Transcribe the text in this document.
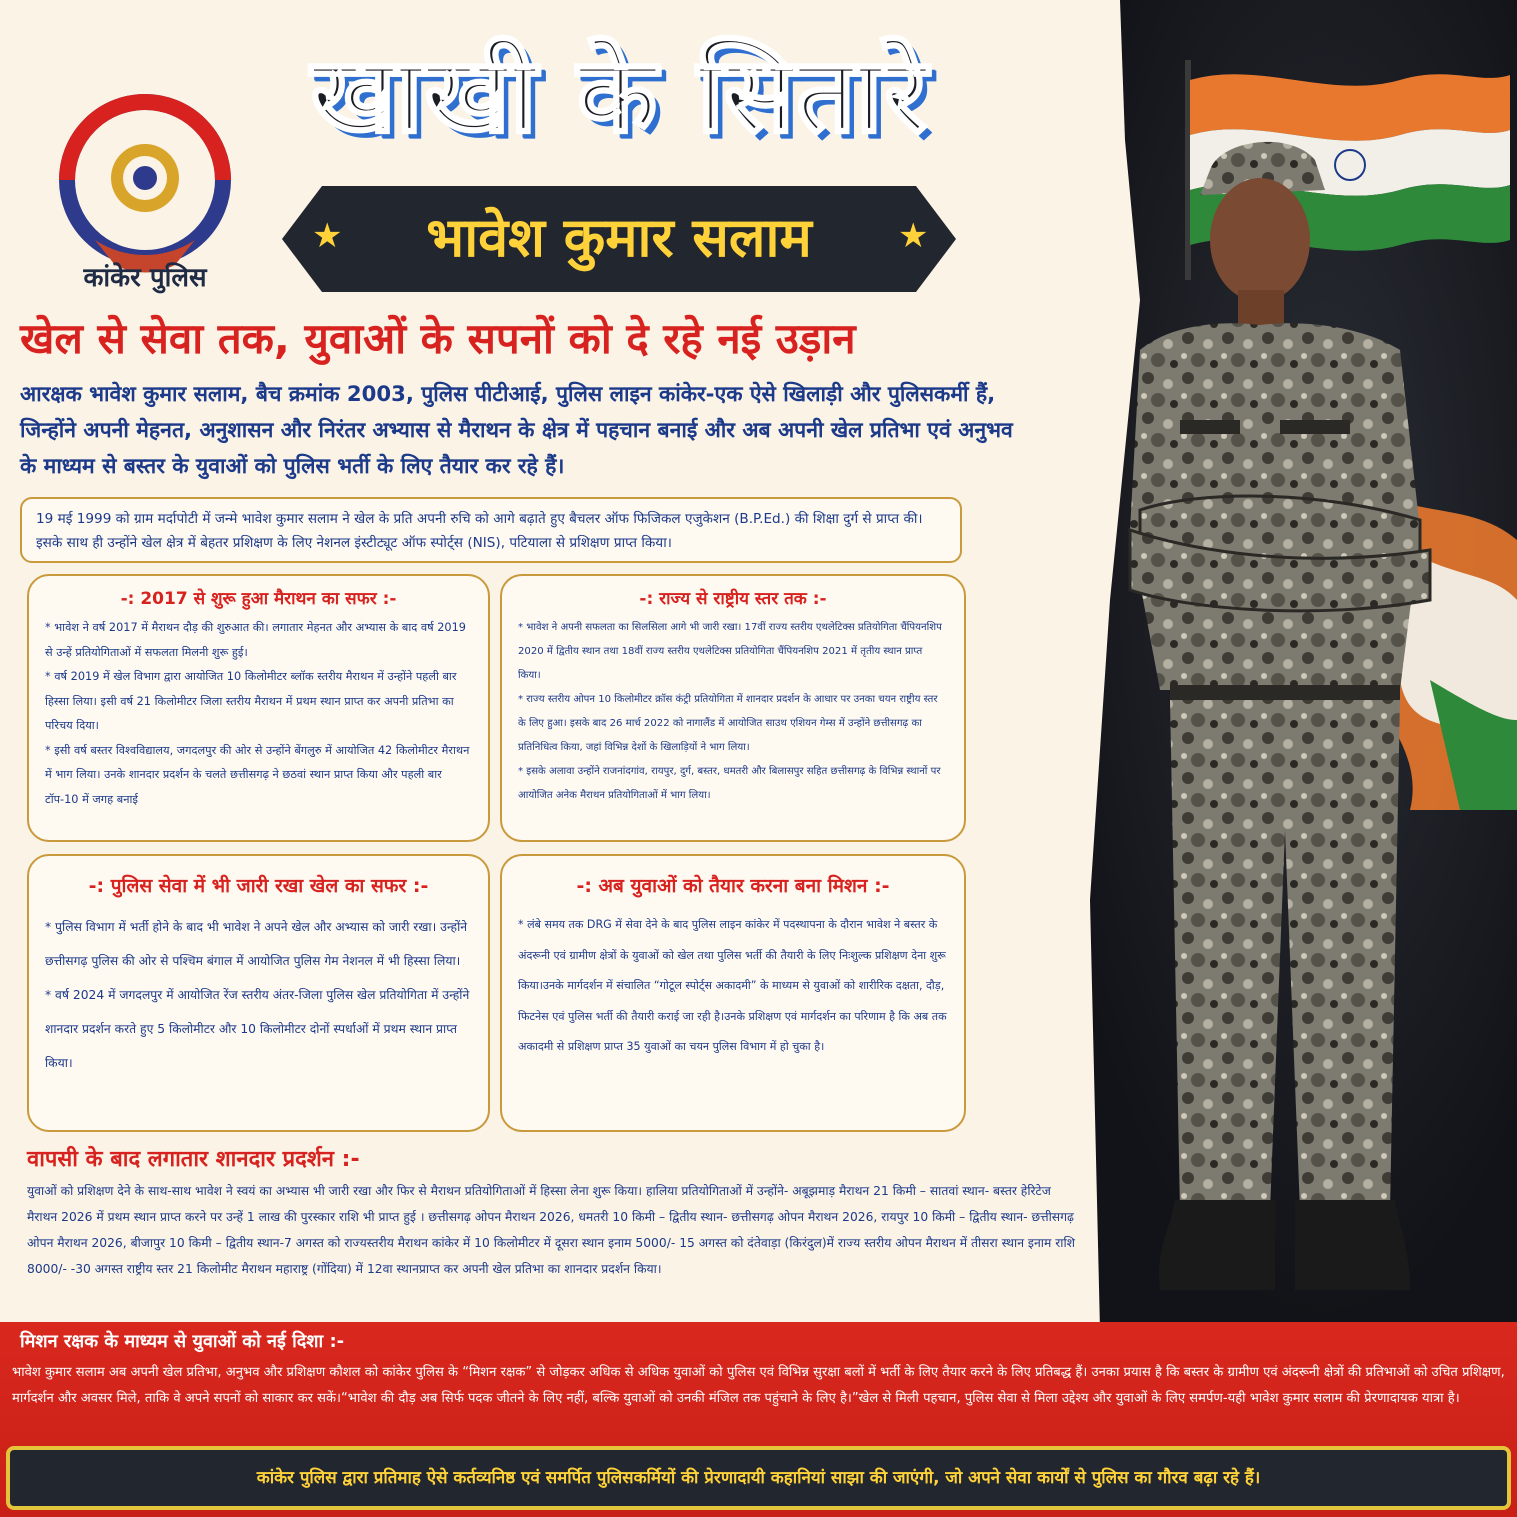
कांकेर पुलिस
खाखी के सितारे
★	★
भावेश कुमार सलाम
खेल से सेवा तक, युवाओं के सपनों को दे रहे नई उड़ान
आरक्षक भावेश कुमार सलाम, बैच क्रमांक 2003, पुलिस पीटीआई, पुलिस लाइन कांकेर-एक ऐसे खिलाड़ी और पुलिसकर्मी हैं, जिन्होंने अपनी मेहनत, अनुशासन और निरंतर अभ्यास से मैराथन के क्षेत्र में पहचान बनाई और अब अपनी खेल प्रतिभा एवं अनुभव के माध्यम से बस्तर के युवाओं को पुलिस भर्ती के लिए तैयार कर रहे हैं।

19 मई 1999 को ग्राम मर्दापोटी में जन्मे भावेश कुमार सलाम ने खेल के प्रति अपनी रुचि को आगे बढ़ाते हुए बैचलर ऑफ फिजिकल एजुकेशन (B.P.Ed.) की शिक्षा दुर्ग से प्राप्त की। इसके साथ ही उन्होंने खेल क्षेत्र में बेहतर प्रशिक्षण के लिए नेशनल इंस्टीट्यूट ऑफ स्पोर्ट्स (NIS), पटियाला से प्रशिक्षण प्राप्त किया।

-: 2017 से शुरू हुआ मैराथन का सफर :-

* भावेश ने वर्ष 2017 में मैराथन दौड़ की शुरुआत की। लगातार मेहनत और अभ्यास के बाद वर्ष 2019 से उन्हें प्रतियोगिताओं में सफलता मिलनी शुरू हुई।

* वर्ष 2019 में खेल विभाग द्वारा आयोजित 10 किलोमीटर ब्लॉक स्तरीय मैराथन में उन्होंने पहली बार हिस्सा लिया। इसी वर्ष 21 किलोमीटर जिला स्तरीय मैराथन में प्रथम स्थान प्राप्त कर अपनी प्रतिभा का परिचय दिया।

* इसी वर्ष बस्तर विश्वविद्यालय, जगदलपुर की ओर से उन्होंने बेंगलुरु में आयोजित 42 किलोमीटर मैराथन में भाग लिया। उनके शानदार प्रदर्शन के चलते छत्तीसगढ़ ने छठवां स्थान प्राप्त किया और पहली बार टॉप-10 में जगह बनाई

-: राज्य से राष्ट्रीय स्तर तक :-

* भावेश ने अपनी सफलता का सिलसिला आगे भी जारी रखा। 17वीं राज्य स्तरीय एथलेटिक्स प्रतियोगिता चैंपियनशिप 2020 में द्वितीय स्थान तथा 18वीं राज्य स्तरीय एथलेटिक्स प्रतियोगिता चैंपियनशिप 2021 में तृतीय स्थान प्राप्त किया।

* राज्य स्तरीय ओपन 10 किलोमीटर क्रॉस कंट्री प्रतियोगिता में शानदार प्रदर्शन के आधार पर उनका चयन राष्ट्रीय स्तर के लिए हुआ। इसके बाद 26 मार्च 2022 को नागालैंड में आयोजित साउथ एशियन गेम्स में उन्होंने छत्तीसगढ़ का प्रतिनिधित्व किया, जहां विभिन्न देशों के खिलाड़ियों ने भाग लिया।

* इसके अलावा उन्होंने राजनांदगांव, रायपुर, दुर्ग, बस्तर, धमतरी और बिलासपुर सहित छत्तीसगढ़ के विभिन्न स्थानों पर आयोजित अनेक मैराथन प्रतियोगिताओं में भाग लिया।

-: पुलिस सेवा में भी जारी रखा खेल का सफर :-

* पुलिस विभाग में भर्ती होने के बाद भी भावेश ने अपने खेल और अभ्यास को जारी रखा। उन्होंने छत्तीसगढ़ पुलिस की ओर से पश्चिम बंगाल में आयोजित पुलिस गेम नेशनल में भी हिस्सा लिया।

* वर्ष 2024 में जगदलपुर में आयोजित रेंज स्तरीय अंतर-जिला पुलिस खेल प्रतियोगिता में उन्होंने शानदार प्रदर्शन करते हुए 5 किलोमीटर और 10 किलोमीटर दोनों स्पर्धाओं में प्रथम स्थान प्राप्त किया।

-: अब युवाओं को तैयार करना बना मिशन :-

* लंबे समय तक DRG में सेवा देने के बाद पुलिस लाइन कांकेर में पदस्थापना के दौरान भावेश ने बस्तर के अंदरूनी एवं ग्रामीण क्षेत्रों के युवाओं को खेल तथा पुलिस भर्ती की तैयारी के लिए निःशुल्क प्रशिक्षण देना शुरू किया।उनके मार्गदर्शन में संचालित “गोटूल स्पोर्ट्स अकादमी” के माध्यम से युवाओं को शारीरिक दक्षता, दौड़, फिटनेस एवं पुलिस भर्ती की तैयारी कराई जा रही है।उनके प्रशिक्षण एवं मार्गदर्शन का परिणाम है कि अब तक अकादमी से प्रशिक्षण प्राप्त 35 युवाओं का चयन पुलिस विभाग में हो चुका है।

वापसी के बाद लगातार शानदार प्रदर्शन :-
युवाओं को प्रशिक्षण देने के साथ-साथ भावेश ने स्वयं का अभ्यास भी जारी रखा और फिर से मैराथन प्रतियोगिताओं में हिस्सा लेना शुरू किया। हालिया प्रतियोगिताओं में उन्होंने- अबूझमाड़ मैराथन 21 किमी – सातवां स्थान- बस्तर हेरिटेज मैराथन 2026 में प्रथम स्थान प्राप्त करने पर उन्हें 1 लाख की पुरस्कार राशि भी प्राप्त हुई । छत्तीसगढ़ ओपन मैराथन 2026, धमतरी 10 किमी – द्वितीय स्थान- छत्तीसगढ़ ओपन मैराथन 2026, रायपुर 10 किमी – द्वितीय स्थान- छत्तीसगढ़ ओपन मैराथन 2026, बीजापुर 10 किमी – द्वितीय स्थान-7 अगस्त को राज्यस्तरीय मैराथन कांकेर में 10 किलोमीटर में दूसरा स्थान इनाम 5000/- 15 अगस्त को दंतेवाड़ा (किरंदुल)में राज्य स्तरीय ओपन मैराथन में तीसरा स्थान इनाम राशि 8000/- -30 अगस्त राष्ट्रीय स्तर 21 किलोमीट मैराथन महाराष्ट्र (गोंदिया) में 12वा स्थानप्राप्त कर अपनी खेल प्रतिभा का शानदार प्रदर्शन किया।
मिशन रक्षक के माध्यम से युवाओं को नई दिशा :-
भावेश कुमार सलाम अब अपनी खेल प्रतिभा, अनुभव और प्रशिक्षण कौशल को कांकेर पुलिस के “मिशन रक्षक” से जोड़कर अधिक से अधिक युवाओं को पुलिस एवं विभिन्न सुरक्षा बलों में भर्ती के लिए तैयार करने के लिए प्रतिबद्ध हैं। उनका प्रयास है कि बस्तर के ग्रामीण एवं अंदरूनी क्षेत्रों की प्रतिभाओं को उचित प्रशिक्षण, मार्गदर्शन और अवसर मिले, ताकि वे अपने सपनों को साकार कर सकें।“भावेश की दौड़ अब सिर्फ पदक जीतने के लिए नहीं, बल्कि युवाओं को उनकी मंजिल तक पहुंचाने के लिए है।”खेल से मिली पहचान, पुलिस सेवा से मिला उद्देश्य और युवाओं के लिए समर्पण-यही भावेश कुमार सलाम की प्रेरणादायक यात्रा है।
कांकेर पुलिस द्वारा प्रतिमाह ऐसे कर्तव्यनिष्ठ एवं समर्पित पुलिसकर्मियों की प्रेरणादायी कहानियां साझा की जाएंगी, जो अपने सेवा कार्यों से पुलिस का गौरव बढ़ा रहे हैं।
